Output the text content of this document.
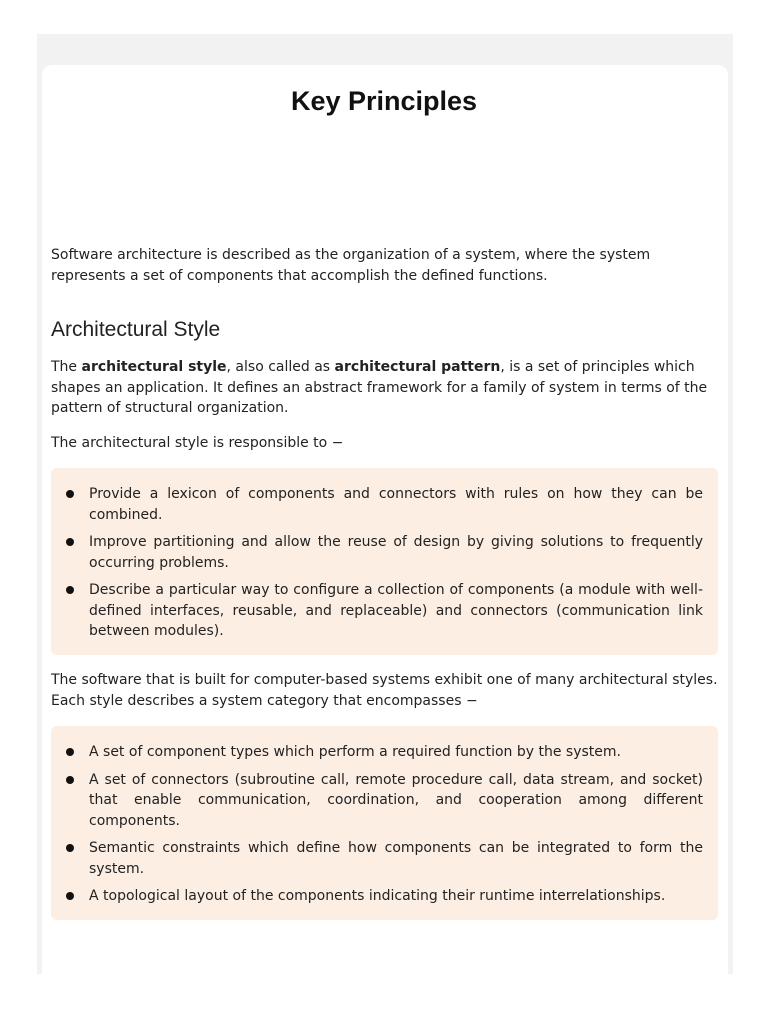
Key Principles

Software architecture is described as the organization of a system, where the system represents a set of components that accomplish the defined functions.

Architectural Style

The architectural style, also called as architectural pattern, is a set of principles which shapes an application. It defines an abstract framework for a family of system in terms of the pattern of structural organization.

The architectural style is responsible to −

Provide a lexicon of components and connectors with rules on how they can be combined.
Improve partitioning and allow the reuse of design by giving solutions to frequently occurring problems.
Describe a particular way to configure a collection of components (a module with well-defined interfaces, reusable, and replaceable) and connectors (communication link between modules).

The software that is built for computer-based systems exhibit one of many architectural styles. Each style describes a system category that encompasses −

A set of component types which perform a required function by the system.
A set of connectors (subroutine call, remote procedure call, data stream, and socket) that enable communication, coordination, and cooperation among different components.
Semantic constraints which define how components can be integrated to form the system.
A topological layout of the components indicating their runtime interrelationships.
